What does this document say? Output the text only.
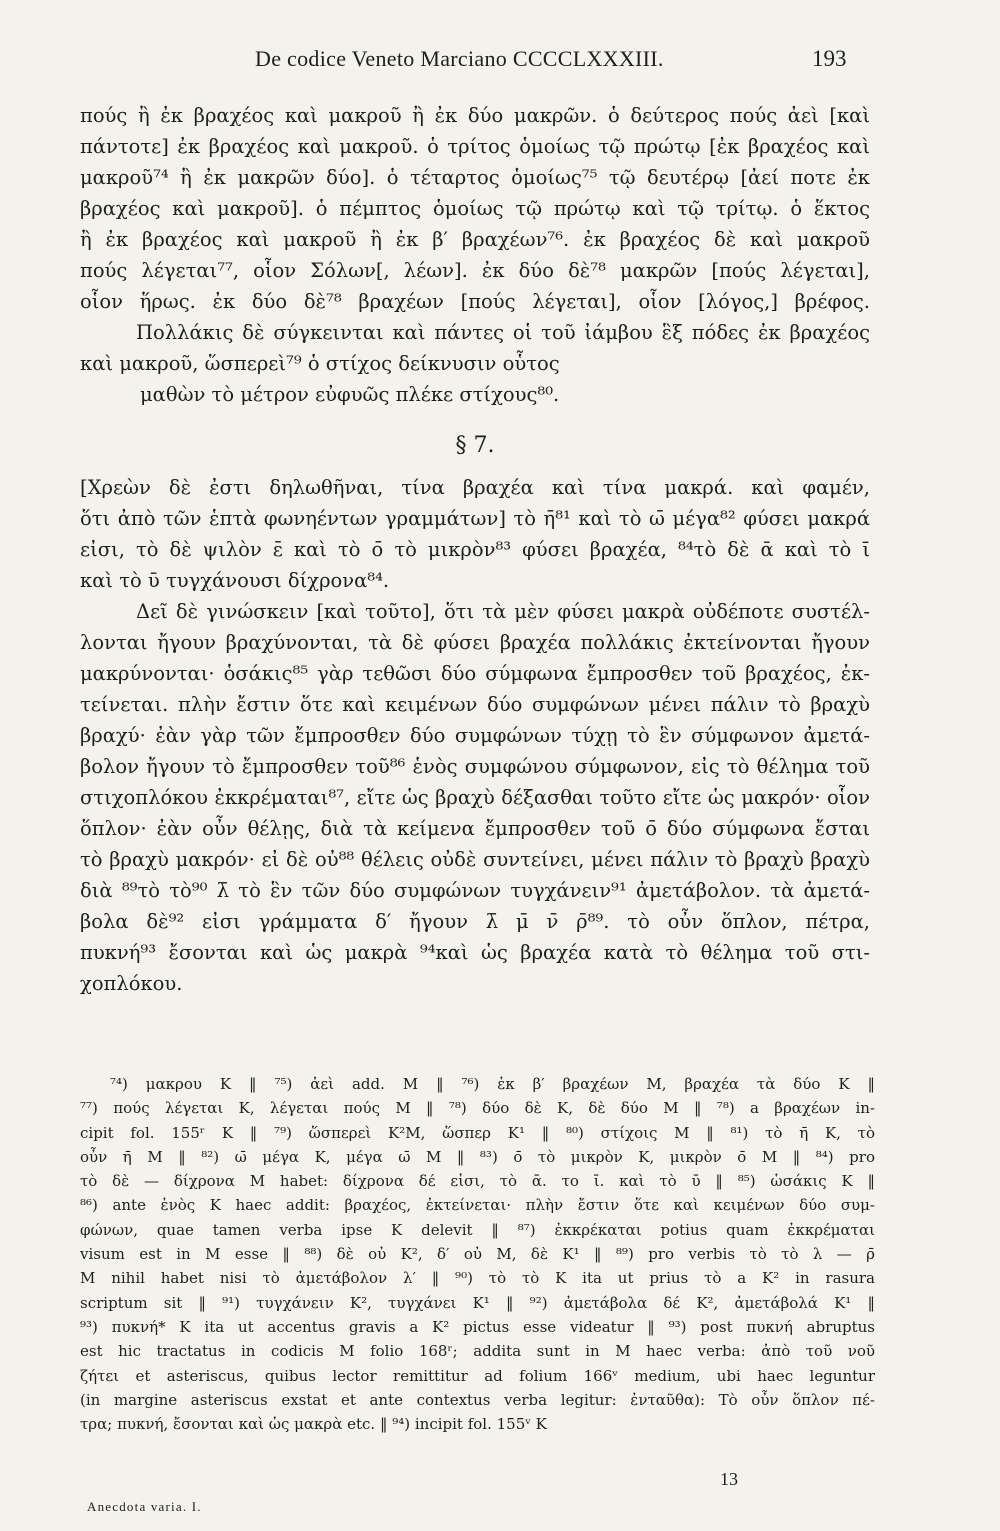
De codice Veneto Marciano CCCCLXXXIII.	193
πούς ἢ ἐκ βραχέος καὶ μακροῦ ἢ ἐκ δύο μακρῶν. ὁ δεύτερος πούς ἀεὶ [καὶ
πάντοτε] ἐκ βραχέος καὶ μακροῦ. ὁ τρίτος ὁμοίως τῷ πρώτῳ [ἐκ βραχέος καὶ
μακροῦ⁷⁴ ἢ ἐκ μακρῶν δύο]. ὁ τέταρτος ὁμοίως⁷⁵ τῷ δευτέρῳ [ἀεί ποτε ἐκ
βραχέος καὶ μακροῦ]. ὁ πέμπτος ὁμοίως τῷ πρώτῳ καὶ τῷ τρίτῳ. ὁ ἕκτος
ἢ ἐκ βραχέος καὶ μακροῦ ἢ ἐκ β′ βραχέων⁷⁶. ἐκ βραχέος δὲ καὶ μακροῦ
πούς λέγεται⁷⁷, οἷον Σόλων[, λέων]. ἐκ δύο δὲ⁷⁸ μακρῶν [πούς λέγεται],
οἷον ἥρως. ἐκ δύο δὲ⁷⁸ βραχέων [πούς λέγεται], οἷον [λόγος,] βρέφος.
Πολλάκις δὲ σύγκεινται καὶ πάντες οἱ τοῦ ἰάμβου ἓξ πόδες ἐκ βραχέος
καὶ μακροῦ, ὥσπερεὶ⁷⁹ ὁ στίχος δείκνυσιν οὗτος
μαθὼν τὸ μέτρον εὐφυῶς πλέκε στίχους⁸⁰.
§ 7.
[Χρεὼν δὲ ἐστι δηλωθῆναι, τίνα βραχέα καὶ τίνα μακρά. καὶ φαμέν,
ὅτι ἀπὸ τῶν ἑπτὰ φωνηέντων γραμμάτων] τὸ η̄⁸¹ καὶ τὸ ω̄ μέγα⁸² φύσει μακρά
εἰσι, τὸ δὲ ψιλὸν ε̄ καὶ τὸ ο̄ τὸ μικρὸν⁸³ φύσει βραχέα, ⁸⁴τὸ δὲ ᾱ καὶ τὸ ῑ
καὶ τὸ ῡ τυγχάνουσι δίχρονα⁸⁴.
Δεῖ δὲ γινώσκειν [καὶ τοῦτο], ὅτι τὰ μὲν φύσει μακρὰ οὐδέποτε συστέλ-
λονται ἤγουν βραχύνονται, τὰ δὲ φύσει βραχέα πολλάκις ἐκτείνονται ἤγουν
μακρύνονται· ὁσάκις⁸⁵ γὰρ τεθῶσι δύο σύμφωνα ἔμπροσθεν τοῦ βραχέος, ἐκ-
τείνεται. πλὴν ἔστιν ὅτε καὶ κειμένων δύο συμφώνων μένει πάλιν τὸ βραχὺ
βραχύ· ἐὰν γὰρ τῶν ἔμπροσθεν δύο συμφώνων τύχῃ τὸ ἓν σύμφωνον ἀμετά-
βολον ἤγουν τὸ ἔμπροσθεν τοῦ⁸⁶ ἑνὸς συμφώνου σύμφωνον, εἰς τὸ θέλημα τοῦ
στιχοπλόκου ἐκκρέμαται⁸⁷, εἴτε ὡς βραχὺ δέξασθαι τοῦτο εἴτε ὡς μακρόν· οἷον
ὅπλον· ἐὰν οὖν θέλῃς, διὰ τὰ κείμενα ἔμπροσθεν τοῦ ο̄ δύο σύμφωνα ἔσται
τὸ βραχὺ μακρόν· εἰ δὲ οὐ⁸⁸ θέλεις οὐδὲ συντείνει, μένει πάλιν τὸ βραχὺ βραχὺ
διὰ ⁸⁹τὸ τὸ⁹⁰ λ̄ τὸ ἓν τῶν δύο συμφώνων τυγχάνειν⁹¹ ἀμετάβολον. τὰ ἀμετά-
βολα δὲ⁹² εἰσι γράμματα δ′ ἤγουν λ̄ μ̄ ν̄ ρ̄⁸⁹. τὸ οὖν ὅπλον, πέτρα,
πυκνή⁹³ ἔσονται καὶ ὡς μακρὰ ⁹⁴καὶ ὡς βραχέα κατὰ τὸ θέλημα τοῦ στι-
χοπλόκου.
⁷⁴) μακρου K ‖ ⁷⁵) ἀεὶ add. M ‖ ⁷⁶) ἐκ β′ βραχέων M, βραχέα τὰ δύο K ‖
⁷⁷) πούς λέγεται K, λέγεται πούς M ‖ ⁷⁸) δύο δὲ K, δὲ δύο M ‖ ⁷⁸) a βραχέων in-
cipit fol. 155ʳ K ‖ ⁷⁹) ὥσπερεὶ K²M, ὥσπερ K¹ ‖ ⁸⁰) στίχοις M ‖ ⁸¹) τὸ η̄ K, τὸ
οὖν η̄ M ‖ ⁸²) ω̄ μέγα K, μέγα ω̄ M ‖ ⁸³) ο̄ τὸ μικρὸν K, μικρὸν ο̄ M ‖ ⁸⁴) pro
τὸ δὲ — δίχρονα M habet: δίχρονα δέ εἰσι, τὸ ᾱ. το ῑ. καὶ τὸ ῡ ‖ ⁸⁵) ὡσάκις K ‖
⁸⁶) ante ἑνὸς K haec addit: βραχέος, ἐκτείνεται· πλὴν ἔστιν ὅτε καὶ κειμένων δύο συμ-
φώνων, quae tamen verba ipse K delevit ‖ ⁸⁷) ἐκκρέκαται potius quam ἐκκρέμαται
visum est in M esse ‖ ⁸⁸) δὲ οὐ K², δ′ οὐ M, δὲ K¹ ‖ ⁸⁹) pro verbis τὸ τὸ λ — ρ̄
M nihil habet nisi τὸ ἀμετάβολον λ′ ‖ ⁹⁰) τὸ τὸ K ita ut prius τὸ a K² in rasura
scriptum sit ‖ ⁹¹) τυγχάνειν K², τυγχάνει K¹ ‖ ⁹²) ἀμετάβολα δέ K², ἀμετάβολά K¹ ‖
⁹³) πυκνή* K ita ut accentus gravis a K² pictus esse videatur ‖ ⁹³) post πυκνή abruptus
est hic tractatus in codicis M folio 168ʳ; addita sunt in M haec verba: ἀπὸ τοῦ νοῦ
ζήτει et asteriscus, quibus lector remittitur ad folium 166ᵛ medium, ubi haec leguntur
(in margine asteriscus exstat et ante contextus verba legitur: ἐνταῦθα): Τὸ οὖν ὅπλον πέ-
τρα; πυκνή, ἔσονται καὶ ὡς μακρὰ etc. ‖ ⁹⁴) incipit fol. 155ᵛ K
13
Anecdota varia. I.
